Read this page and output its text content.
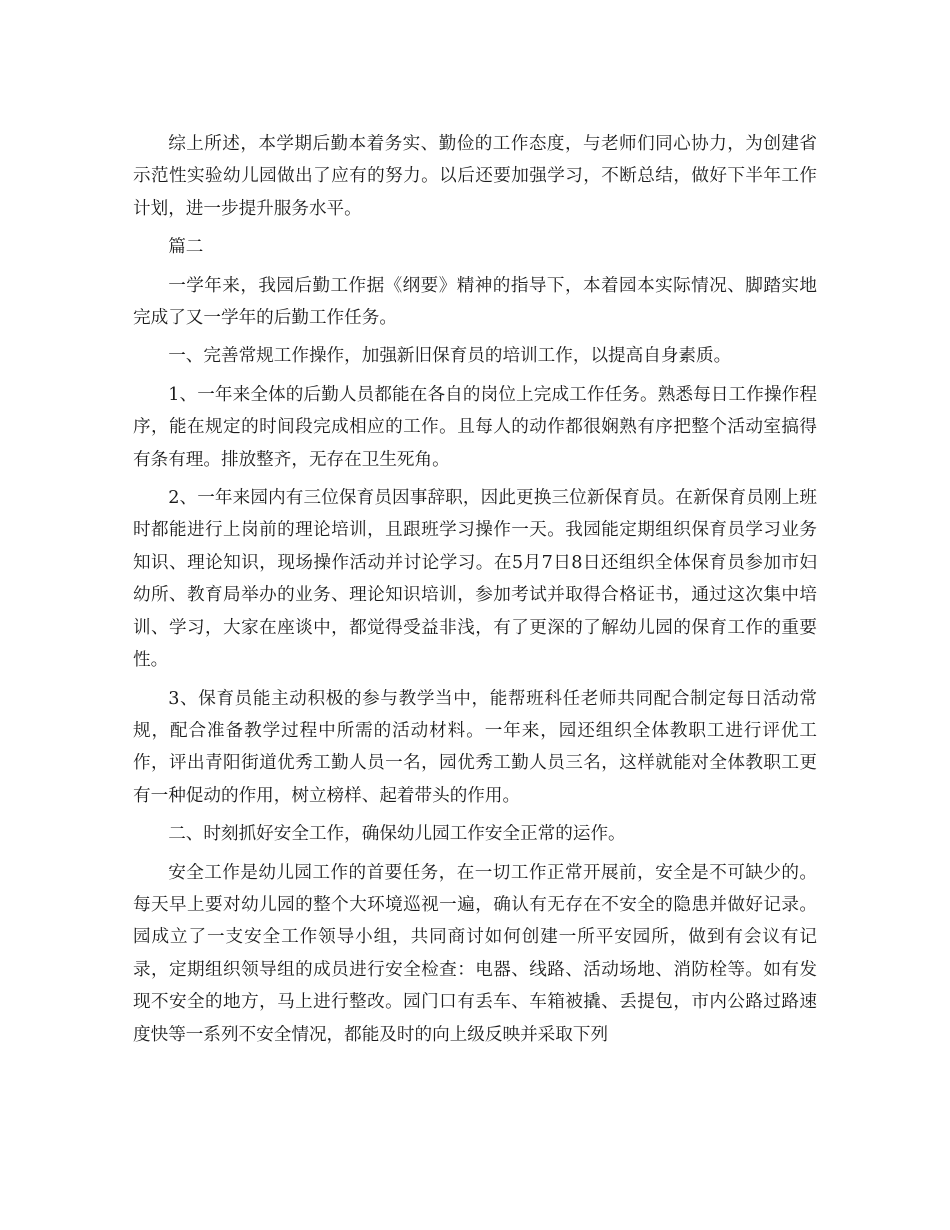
综上所述，本学期后勤本着务实、勤俭的工作态度，与老师们同心协力，为创建省示范性实验幼儿园做出了应有的努力。以后还要加强学习，不断总结，做好下半年工作计划，进一步提升服务水平。

篇二

一学年来，我园后勤工作据《纲要》精神的指导下，本着园本实际情况、脚踏实地完成了又一学年的后勤工作任务。

一、完善常规工作操作，加强新旧保育员的培训工作，以提高自身素质。

1、一年来全体的后勤人员都能在各自的岗位上完成工作任务。熟悉每日工作操作程序，能在规定的时间段完成相应的工作。且每人的动作都很娴熟有序把整个活动室搞得有条有理。排放整齐，无存在卫生死角。

2、一年来园内有三位保育员因事辞职，因此更换三位新保育员。在新保育员刚上班时都能进行上岗前的理论培训，且跟班学习操作一天。我园能定期组织保育员学习业务知识、理论知识，现场操作活动并讨论学习。在5月7日8日还组织全体保育员参加市妇幼所、教育局举办的业务、理论知识培训，参加考试并取得合格证书，通过这次集中培训、学习，大家在座谈中，都觉得受益非浅，有了更深的了解幼儿园的保育工作的重要性。

3、保育员能主动积极的参与教学当中，能帮班科任老师共同配合制定每日活动常规，配合准备教学过程中所需的活动材料。一年来，园还组织全体教职工进行评优工作，评出青阳街道优秀工勤人员一名，园优秀工勤人员三名，这样就能对全体教职工更有一种促动的作用，树立榜样、起着带头的作用。

二、时刻抓好安全工作，确保幼儿园工作安全正常的运作。

安全工作是幼儿园工作的首要任务，在一切工作正常开展前，安全是不可缺少的。每天早上要对幼儿园的整个大环境巡视一遍，确认有无存在不安全的隐患并做好记录。园成立了一支安全工作领导小组，共同商讨如何创建一所平安园所，做到有会议有记录，定期组织领导组的成员进行安全检查：电器、线路、活动场地、消防栓等。如有发现不安全的地方，马上进行整改。园门口有丢车、车箱被撬、丢提包，市内公路过路速度快等一系列不安全情况，都能及时的向上级反映并采取下列
